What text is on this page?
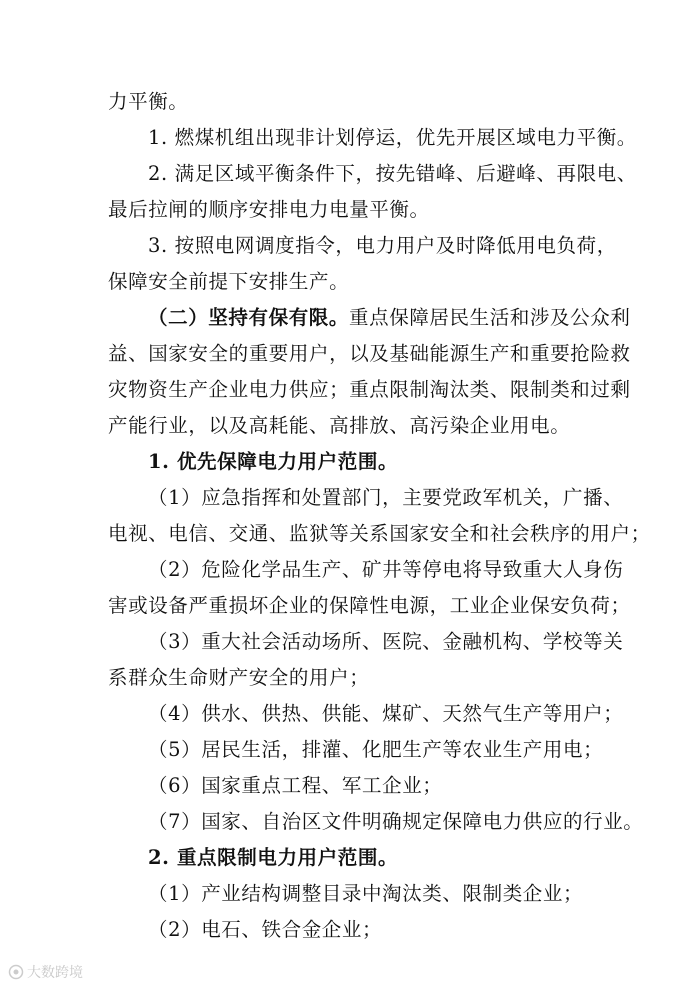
力平衡。
1. 燃煤机组出现非计划停运，优先开展区域电力平衡。
2. 满足区域平衡条件下，按先错峰、后避峰、再限电、
最后拉闸的顺序安排电力电量平衡。
3. 按照电网调度指令，电力用户及时降低用电负荷，
保障安全前提下安排生产。
（二）坚持有保有限。重点保障居民生活和涉及公众利
益、国家安全的重要用户，以及基础能源生产和重要抢险救
灾物资生产企业电力供应；重点限制淘汰类、限制类和过剩
产能行业，以及高耗能、高排放、高污染企业用电。
1. 优先保障电力用户范围。
（1）应急指挥和处置部门，主要党政军机关，广播、
电视、电信、交通、监狱等关系国家安全和社会秩序的用户；
（2）危险化学品生产、矿井等停电将导致重大人身伤
害或设备严重损坏企业的保障性电源，工业企业保安负荷；
（3）重大社会活动场所、医院、金融机构、学校等关
系群众生命财产安全的用户；
（4）供水、供热、供能、煤矿、天然气生产等用户；
（5）居民生活，排灌、化肥生产等农业生产用电；
（6）国家重点工程、军工企业；
（7）国家、自治区文件明确规定保障电力供应的行业。
2. 重点限制电力用户范围。
（1）产业结构调整目录中淘汰类、限制类企业；
（2）电石、铁合金企业；
大数跨境
